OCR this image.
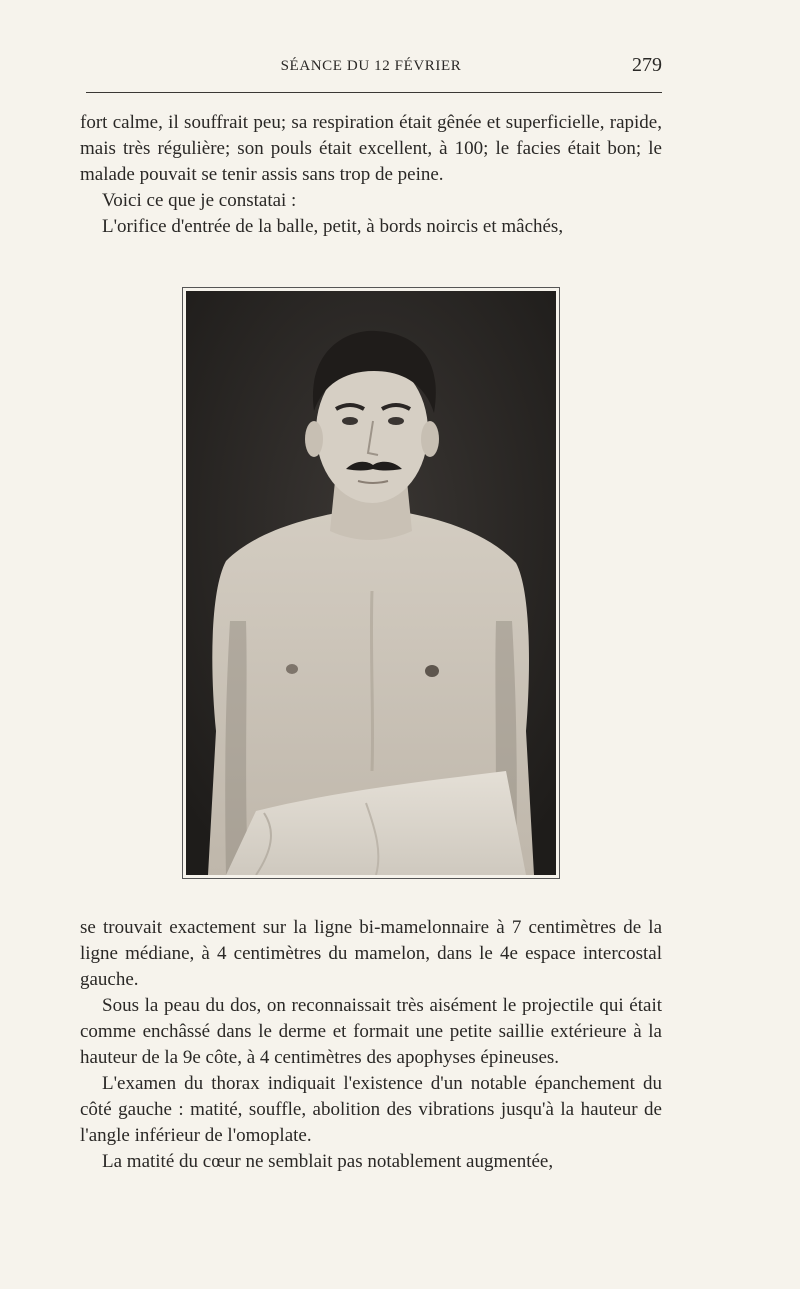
SÉANCE DU 12 FÉVRIER	279

fort calme, il souffrait peu; sa respiration était gênée et superficielle, rapide, mais très régulière; son pouls était excellent, à 100; le facies était bon; le malade pouvait se tenir assis sans trop de peine.

Voici ce que je constatai :

L'orifice d'entrée de la balle, petit, à bords noircis et mâchés,

se trouvait exactement sur la ligne bi-mamelonnaire à 7 centimètres de la ligne médiane, à 4 centimètres du mamelon, dans le 4e espace intercostal gauche.

Sous la peau du dos, on reconnaissait très aisément le projectile qui était comme enchâssé dans le derme et formait une petite saillie extérieure à la hauteur de la 9e côte, à 4 centimètres des apophyses épineuses.

L'examen du thorax indiquait l'existence d'un notable épanchement du côté gauche : matité, souffle, abolition des vibrations jusqu'à la hauteur de l'angle inférieur de l'omoplate.

La matité du cœur ne semblait pas notablement augmentée,
